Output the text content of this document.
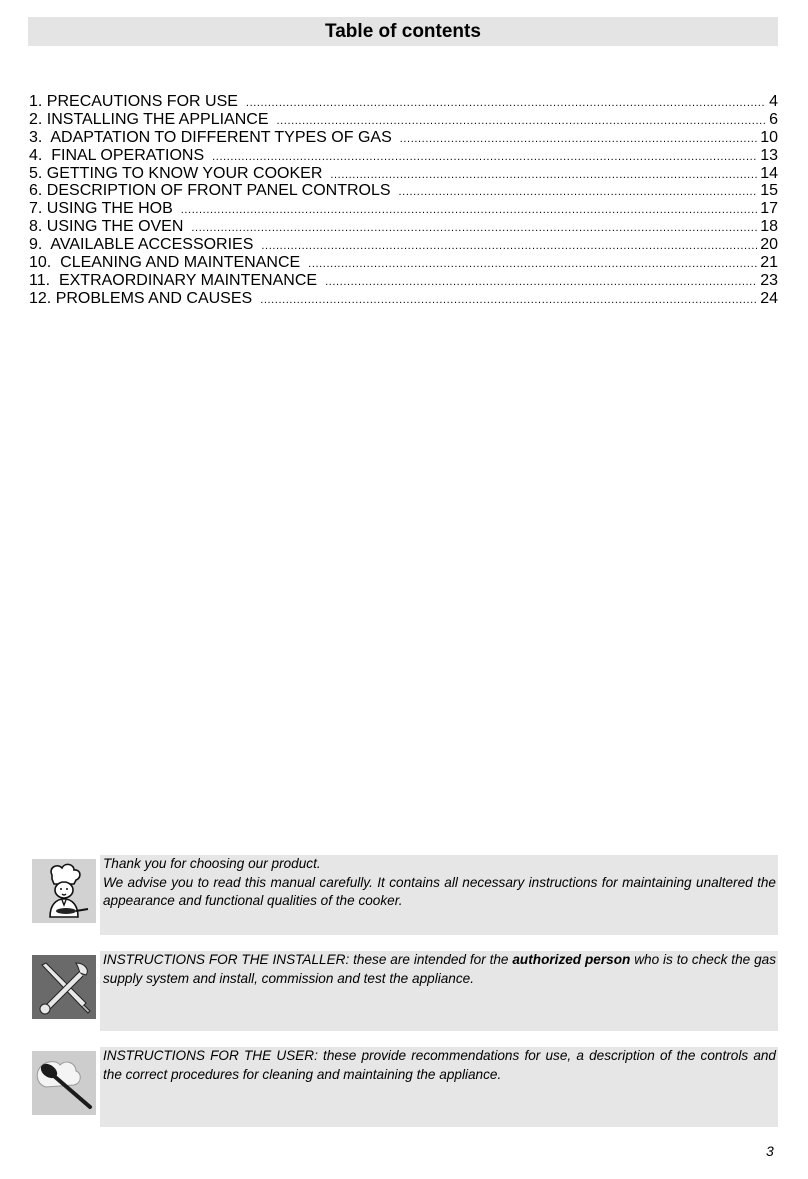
Table of contents
1. PRECAUTIONS FOR USE .....	4
2. INSTALLING THE APPLIANCE .....	6
3.  ADAPTATION TO DIFFERENT TYPES OF GAS .....	10
4.  FINAL OPERATIONS .....	13
5. GETTING TO KNOW YOUR COOKER .....	14
6. DESCRIPTION OF FRONT PANEL CONTROLS .....	15
7. USING THE HOB .....	17
8. USING THE OVEN .....	18
9.  AVAILABLE ACCESSORIES .....	20
10.  CLEANING AND MAINTENANCE .....	21
11.  EXTRAORDINARY MAINTENANCE .....	23
12. PROBLEMS AND CAUSES .....	24

Thank you for choosing our product.

We advise you to read this manual carefully. It contains all necessary instructions for maintaining unaltered the appearance and functional qualities of the cooker.

INSTRUCTIONS FOR THE INSTALLER: these are intended for the authorized person who is to check the gas supply system and install, commission and test the appliance.

INSTRUCTIONS FOR THE USER: these provide recommendations for use, a description of the controls and the correct procedures for cleaning and maintaining the appliance.

3
